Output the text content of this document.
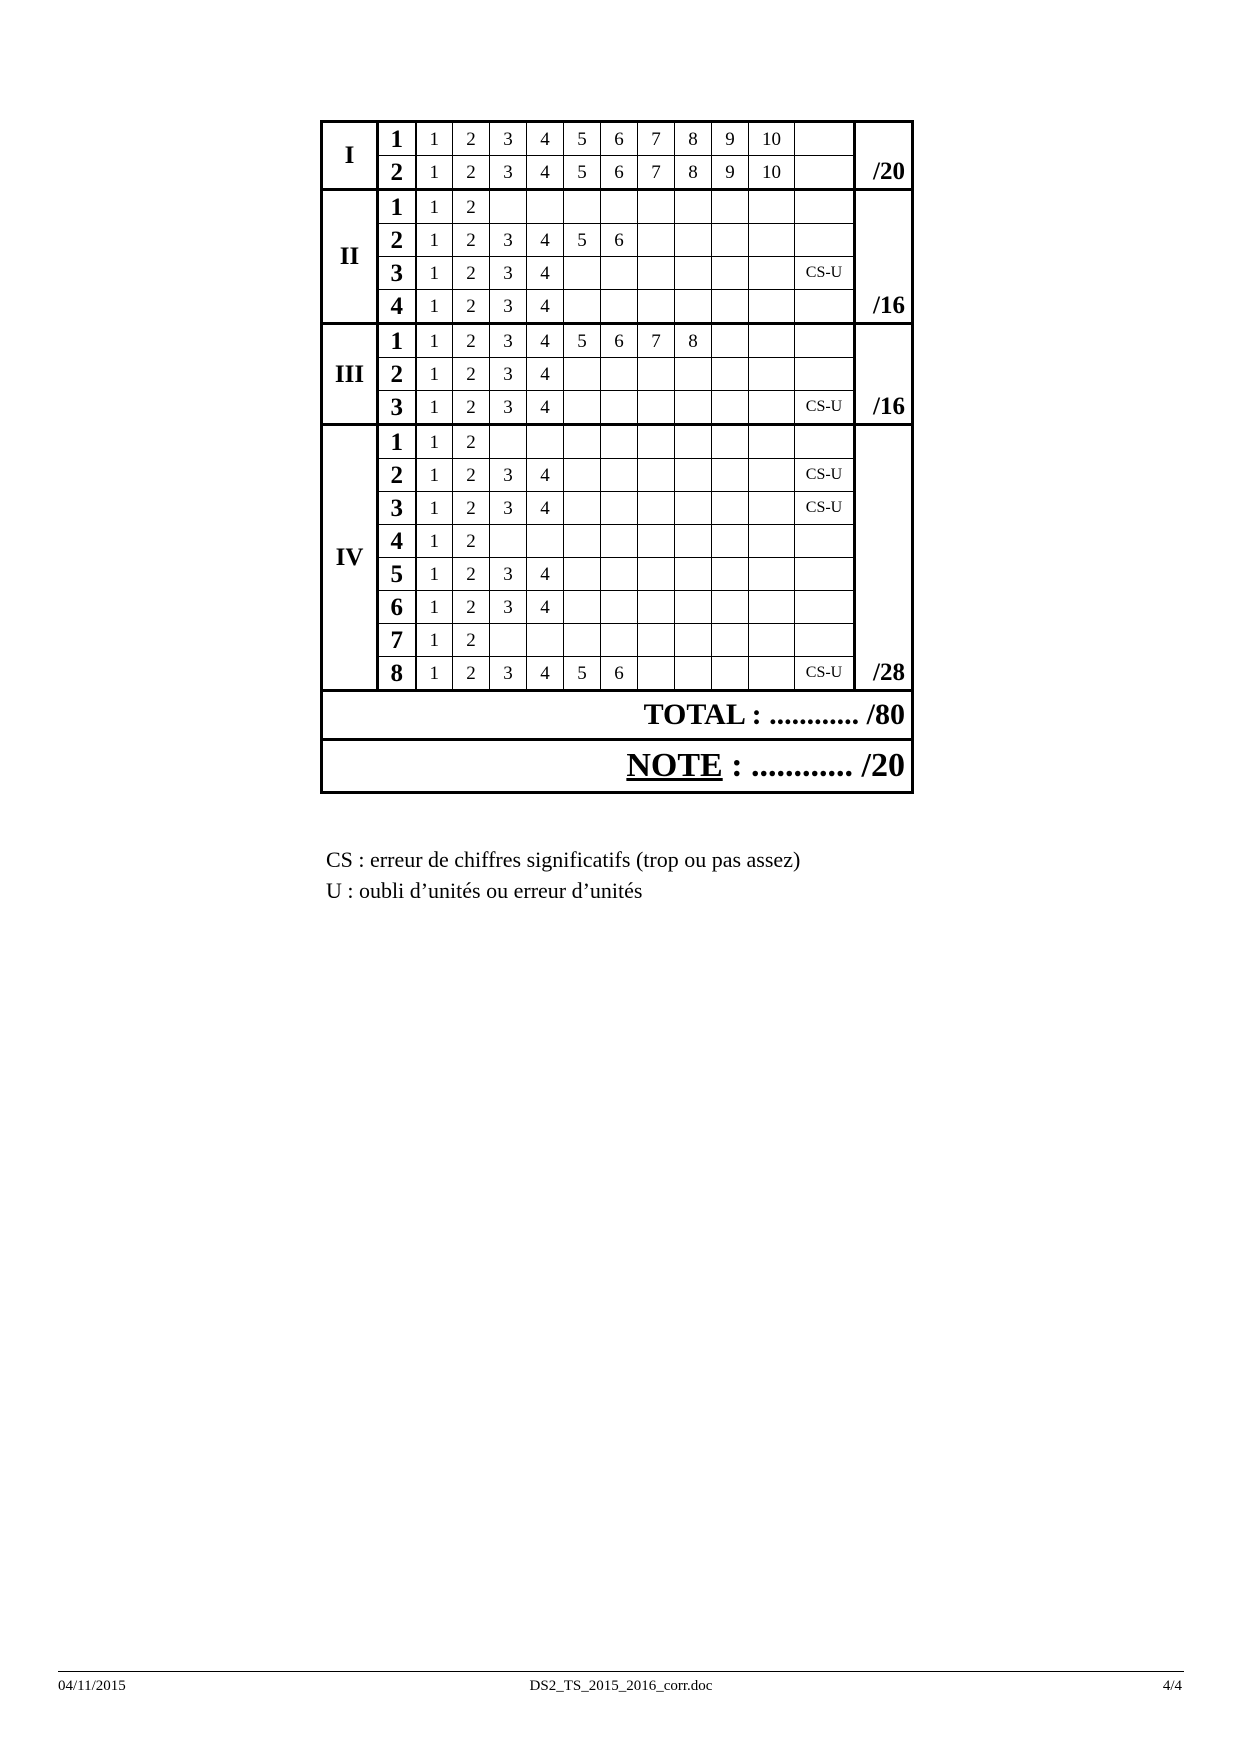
I	1	1	2	3	4	5	6	7	8	9	10		/20
	2	1	2	3	4	5	6	7	8	9	10		
II	1	1	2										/16
	2	1	2	3	4	5	6						
	3	1	2	3	4							CS-U	
	4	1	2	3	4								
III	1	1	2	3	4	5	6	7	8				/16
	2	1	2	3	4								
	3	1	2	3	4							CS-U	
IV	1	1	2										/28
	2	1	2	3	4							CS-U	
	3	1	2	3	4							CS-U	
	4	1	2										
	5	1	2	3	4								
	6	1	2	3	4								
	7	1	2										
	8	1	2	3	4	5	6					CS-U	
TOTAL : ............ /80													
NOTE : ............ /20													
CS : erreur de chiffres significatifs (trop ou pas assez)
U : oubli d’unités ou erreur d’unités
04/11/2015	DS2_TS_2015_2016_corr.doc	4/4
